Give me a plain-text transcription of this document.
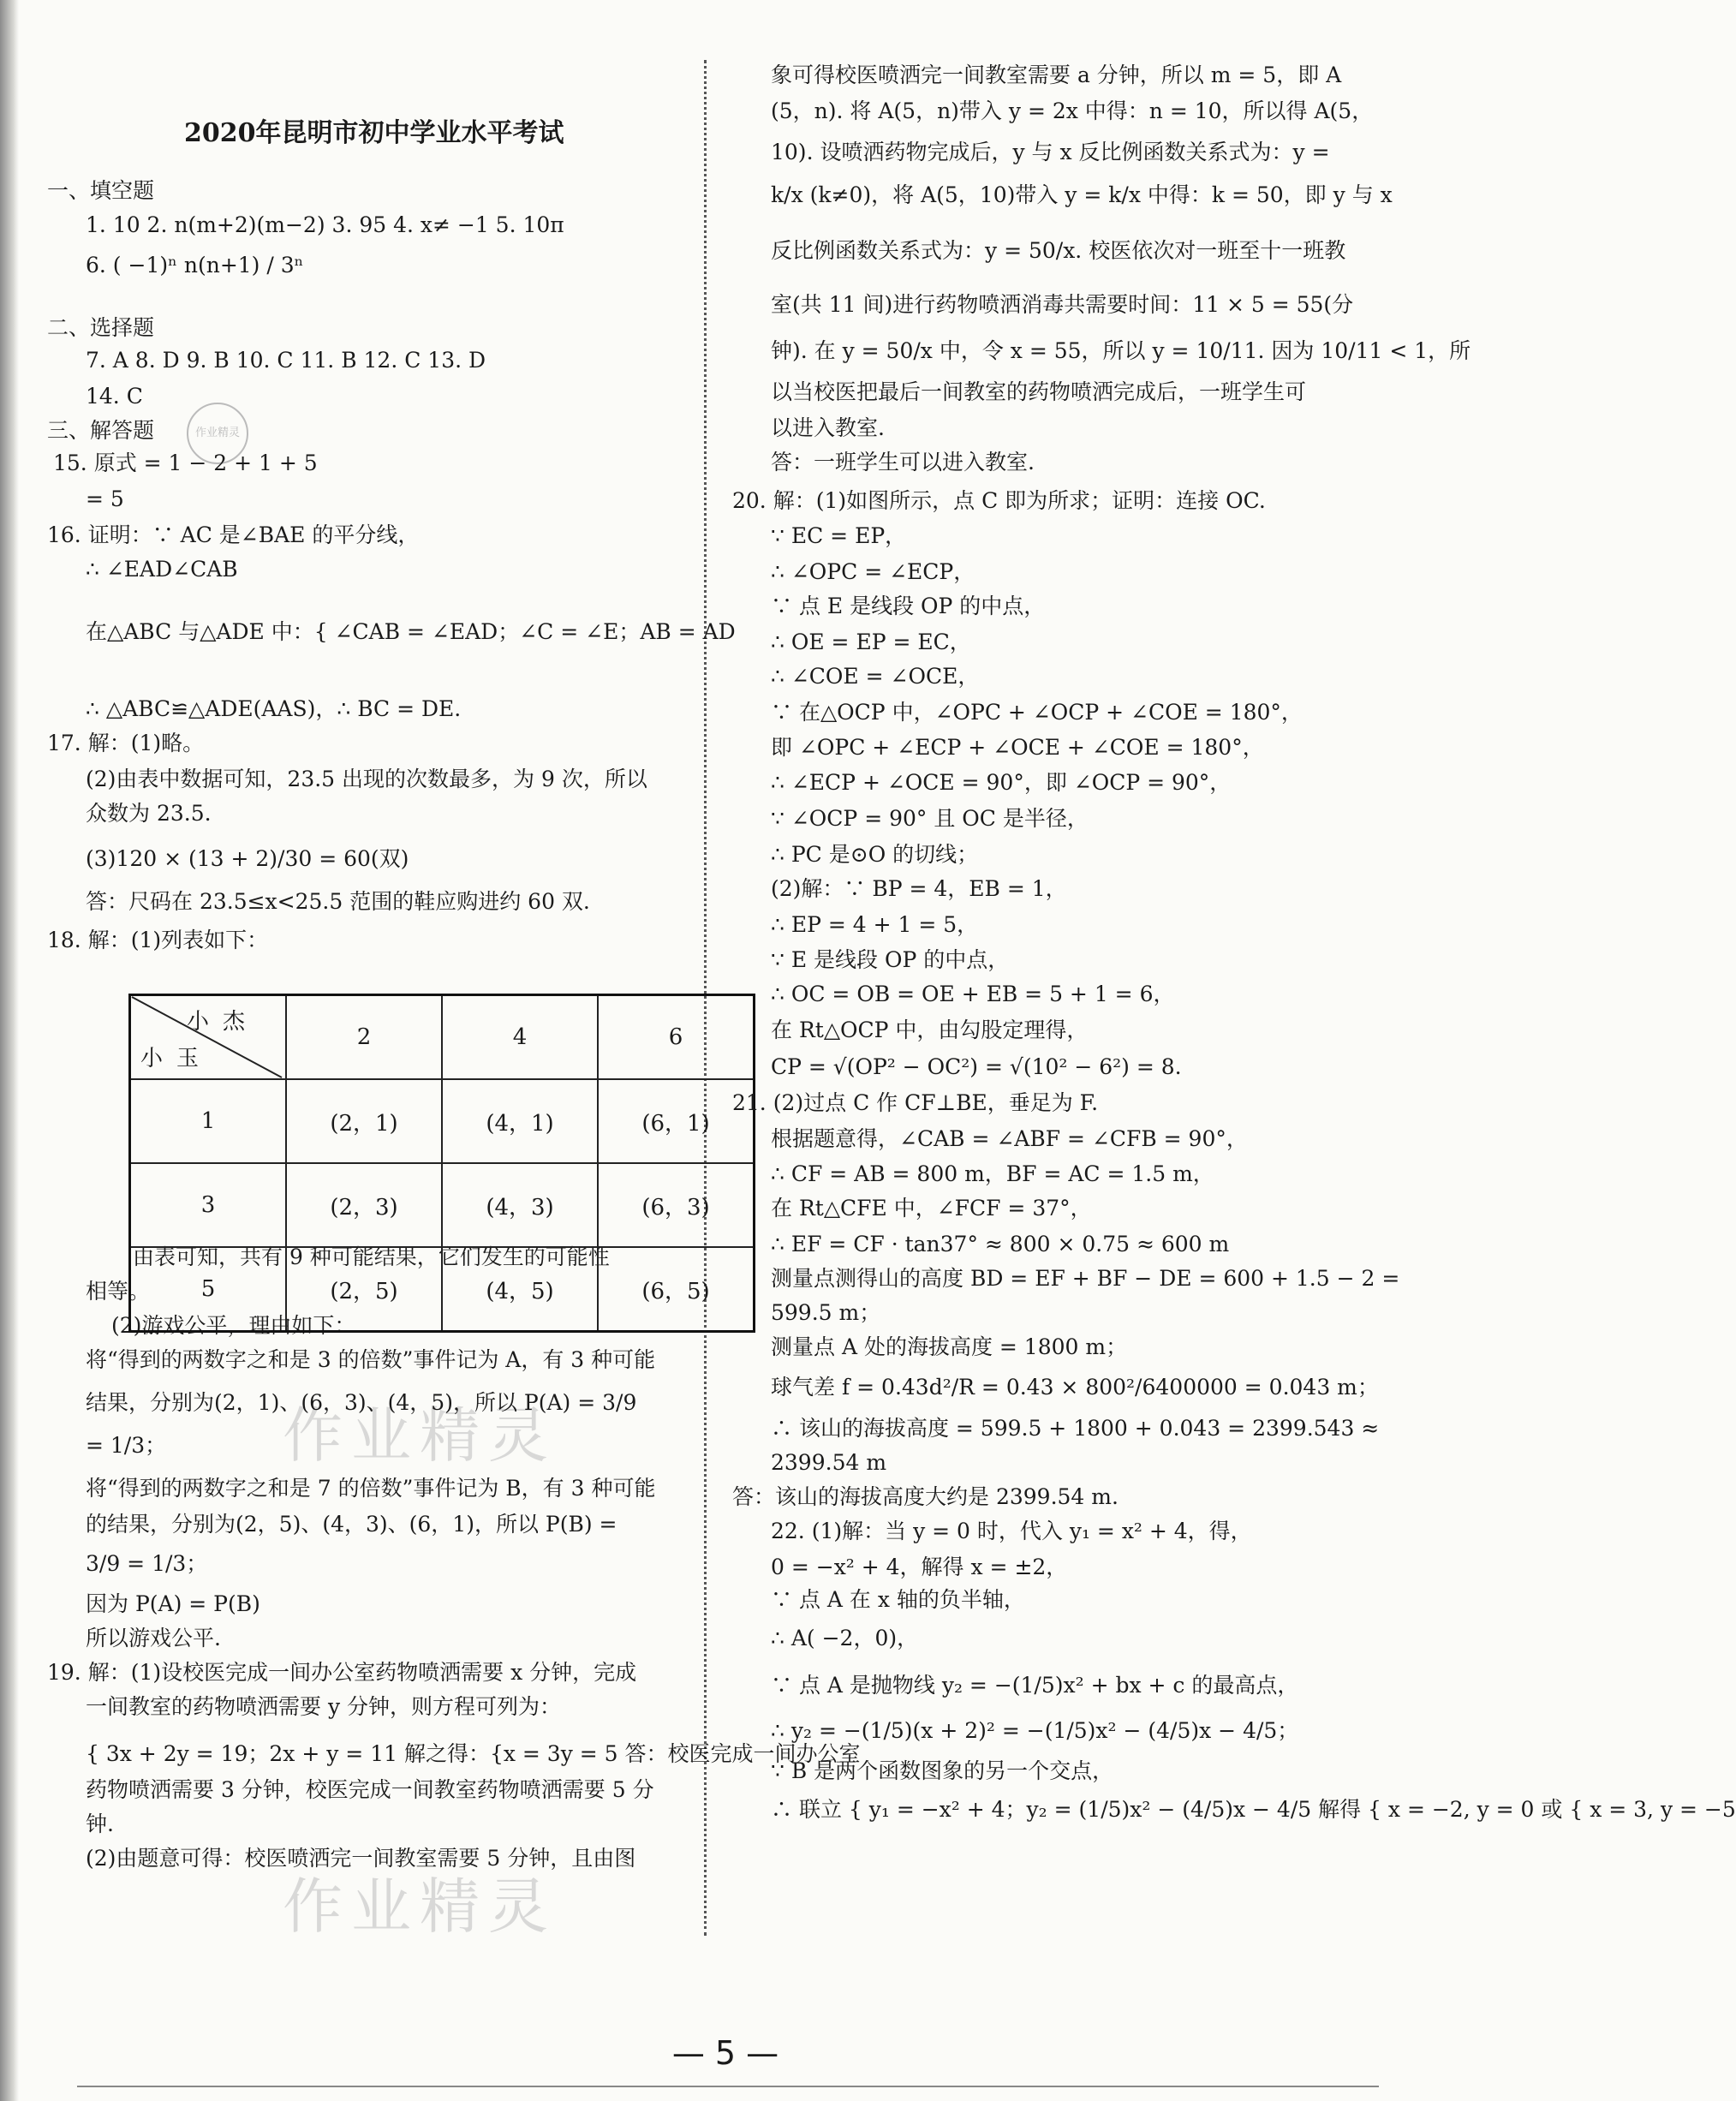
作业精灵
作业精灵
作业精灵
2020年昆明市初中学业水平考试
一、填空题
1. 10 2. n(m+2)(m−2) 3. 95 4. x≠ −1 5. 10π
6. ( −1)ⁿ n(n+1) / 3ⁿ
二、选择题
7. A 8. D 9. B 10. C 11. B 12. C 13. D
14. C
三、解答题
15. 原式 = 1 − 2 + 1 + 5
= 5
16. 证明：∵ AC 是∠BAE 的平分线，
∴ ∠EAD∠CAB
在△ABC 与△ADE 中：{ ∠CAB = ∠EAD；∠C = ∠E；AB = AD
∴ △ABC≌△ADE(AAS)，∴ BC = DE.
17. 解：(1)略。
(2)由表中数据可知，23.5 出现的次数最多，为 9 次，所以
众数为 23.5.
(3)120 × (13 + 2)/30 = 60(双)
答：尺码在 23.5≤x<25.5 范围的鞋应购进约 60 双.
18. 解：(1)列表如下：
由表可知，共有 9 种可能结果，它们发生的可能性
相等。
(2)游戏公平，理由如下：
将“得到的两数字之和是 3 的倍数”事件记为 A，有 3 种可能
结果，分别为(2，1)、(6，3)、(4，5)，所以 P(A) = 3/9
= 1/3；
将“得到的两数字之和是 7 的倍数”事件记为 B，有 3 种可能
的结果，分别为(2，5)、(4，3)、(6，1)，所以 P(B) =
3/9 = 1/3；
因为 P(A) = P(B)
所以游戏公平.
19. 解：(1)设校医完成一间办公室药物喷洒需要 x 分钟，完成
一间教室的药物喷洒需要 y 分钟，则方程可列为：
{ 3x + 2y = 19；2x + y = 11 解之得：{x = 3y = 5 答：校医完成一间办公室
药物喷洒需要 3 分钟，校医完成一间教室药物喷洒需要 5 分
钟.
(2)由题意可得：校医喷洒完一间教室需要 5 分钟，且由图
小杰
小玉	2	4	6
1	(2，1)	(4，1)	(6，1)
3	(2，3)	(4，3)	(6，3)
5	(2，5)	(4，5)	(6，5)
象可得校医喷洒完一间教室需要 a 分钟，所以 m = 5，即 A
(5，n). 将 A(5，n)带入 y = 2x 中得：n = 10，所以得 A(5，
10). 设喷洒药物完成后，y 与 x 反比例函数关系式为：y =
k/x (k≠0)，将 A(5，10)带入 y = k/x 中得：k = 50，即 y 与 x
反比例函数关系式为：y = 50/x. 校医依次对一班至十一班教
室(共 11 间)进行药物喷洒消毒共需要时间：11 × 5 = 55(分
钟). 在 y = 50/x 中，令 x = 55，所以 y = 10/11. 因为 10/11 < 1，所
以当校医把最后一间教室的药物喷洒完成后，一班学生可
以进入教室.
答：一班学生可以进入教室.
20. 解：(1)如图所示，点 C 即为所求；证明：连接 OC.
∵ EC = EP，
∴ ∠OPC = ∠ECP，
∵ 点 E 是线段 OP 的中点，
∴ OE = EP = EC，
∴ ∠COE = ∠OCE，
∵ 在△OCP 中，∠OPC + ∠OCP + ∠COE = 180°，
即 ∠OPC + ∠ECP + ∠OCE + ∠COE = 180°，
∴ ∠ECP + ∠OCE = 90°，即 ∠OCP = 90°，
∵ ∠OCP = 90° 且 OC 是半径，
∴ PC 是⊙O 的切线；
(2)解：∵ BP = 4，EB = 1，
∴ EP = 4 + 1 = 5，
∵ E 是线段 OP 的中点，
∴ OC = OB = OE + EB = 5 + 1 = 6，
在 Rt△OCP 中，由勾股定理得，
CP = √(OP² − OC²) = √(10² − 6²) = 8.
21. (2)过点 C 作 CF⊥BE，垂足为 F.
根据题意得，∠CAB = ∠ABF = ∠CFB = 90°，
∴ CF = AB = 800 m，BF = AC = 1.5 m，
在 Rt△CFE 中，∠FCF = 37°，
∴ EF = CF · tan37° ≈ 800 × 0.75 ≈ 600 m
测量点测得山的高度 BD = EF + BF − DE = 600 + 1.5 − 2 =
599.5 m；
测量点 A 处的海拔高度 = 1800 m；
球气差 f = 0.43d²/R = 0.43 × 800²/6400000 = 0.043 m；
∴ 该山的海拔高度 = 599.5 + 1800 + 0.043 = 2399.543 ≈
2399.54 m
答：该山的海拔高度大约是 2399.54 m.
22. (1)解：当 y = 0 时，代入 y₁ = x² + 4，得，
0 = −x² + 4，解得 x = ±2，
∵ 点 A 在 x 轴的负半轴，
∴ A( −2，0)，
∵ 点 A 是抛物线 y₂ = −(1/5)x² + bx + c 的最高点，
∴ y₂ = −(1/5)(x + 2)² = −(1/5)x² − (4/5)x − 4/5；
∵ B 是两个函数图象的另一个交点，
∴ 联立 { y₁ = −x² + 4；y₂ = (1/5)x² − (4/5)x − 4/5 解得 { x = −2, y = 0 或 { x = 3, y = −5
— 5 —
